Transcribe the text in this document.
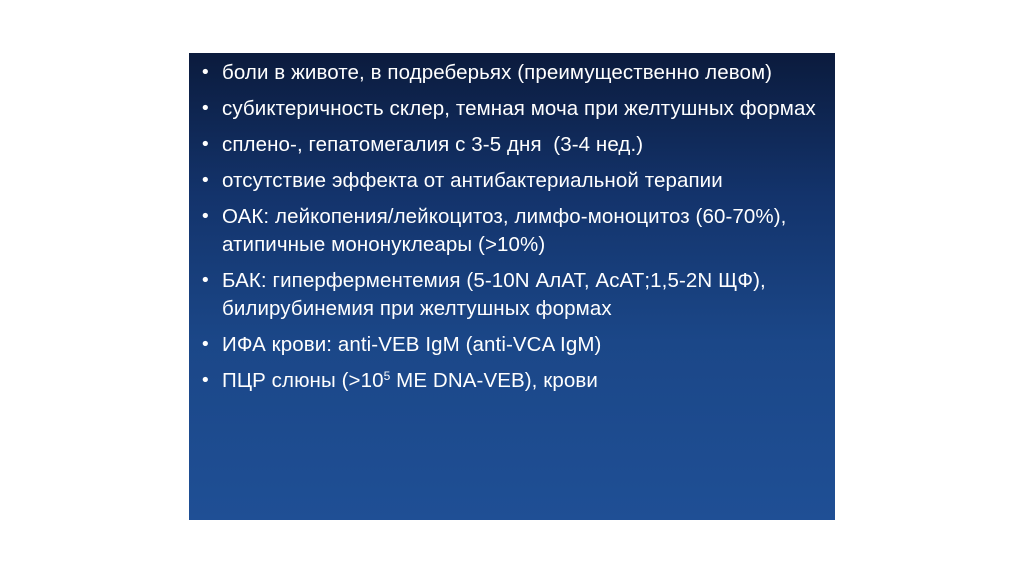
• боли в животе, в подреберьях (преимущественно левом)
• субиктеричность склер, темная моча при желтушных формах
• сплено-, гепатомегалия с 3-5 дня  (3-4 нед.)
• отсутствие эффекта от антибактериальной терапии
• ОАК: лейкопения/лейкоцитоз, лимфо-моноцитоз (60-70%), атипичные мононуклеары (>10%)
• БАК: гиперферментемия (5-10N АлАТ, АсАТ;1,5-2N ЩФ), билирубинемия при желтушных формах
• ИФА крови: anti-VEB IgM (anti-VCA IgM)
• ПЦР слюны ($>10^5$ МЕ DNA-VEB), крови
